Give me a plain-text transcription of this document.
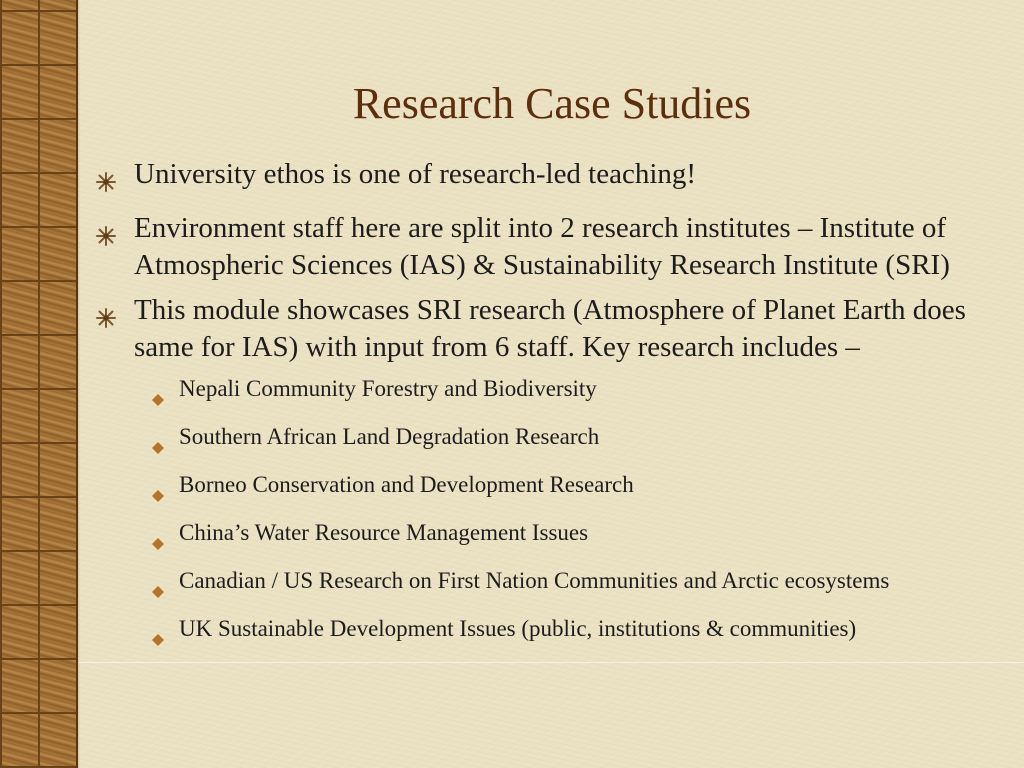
Research Case Studies
University ethos is one of research-led teaching!
Environment staff here are split into 2 research institutes – Institute of Atmospheric Sciences (IAS) & Sustainability Research Institute (SRI)
This module showcases SRI research (Atmosphere of Planet Earth does same for IAS) with input from 6 staff. Key research includes –
Nepali Community Forestry and Biodiversity
Southern African Land Degradation Research
Borneo Conservation and Development Research
China’s Water Resource Management Issues
Canadian / US Research on First Nation Communities and Arctic ecosystems
UK Sustainable Development Issues (public, institutions & communities)
